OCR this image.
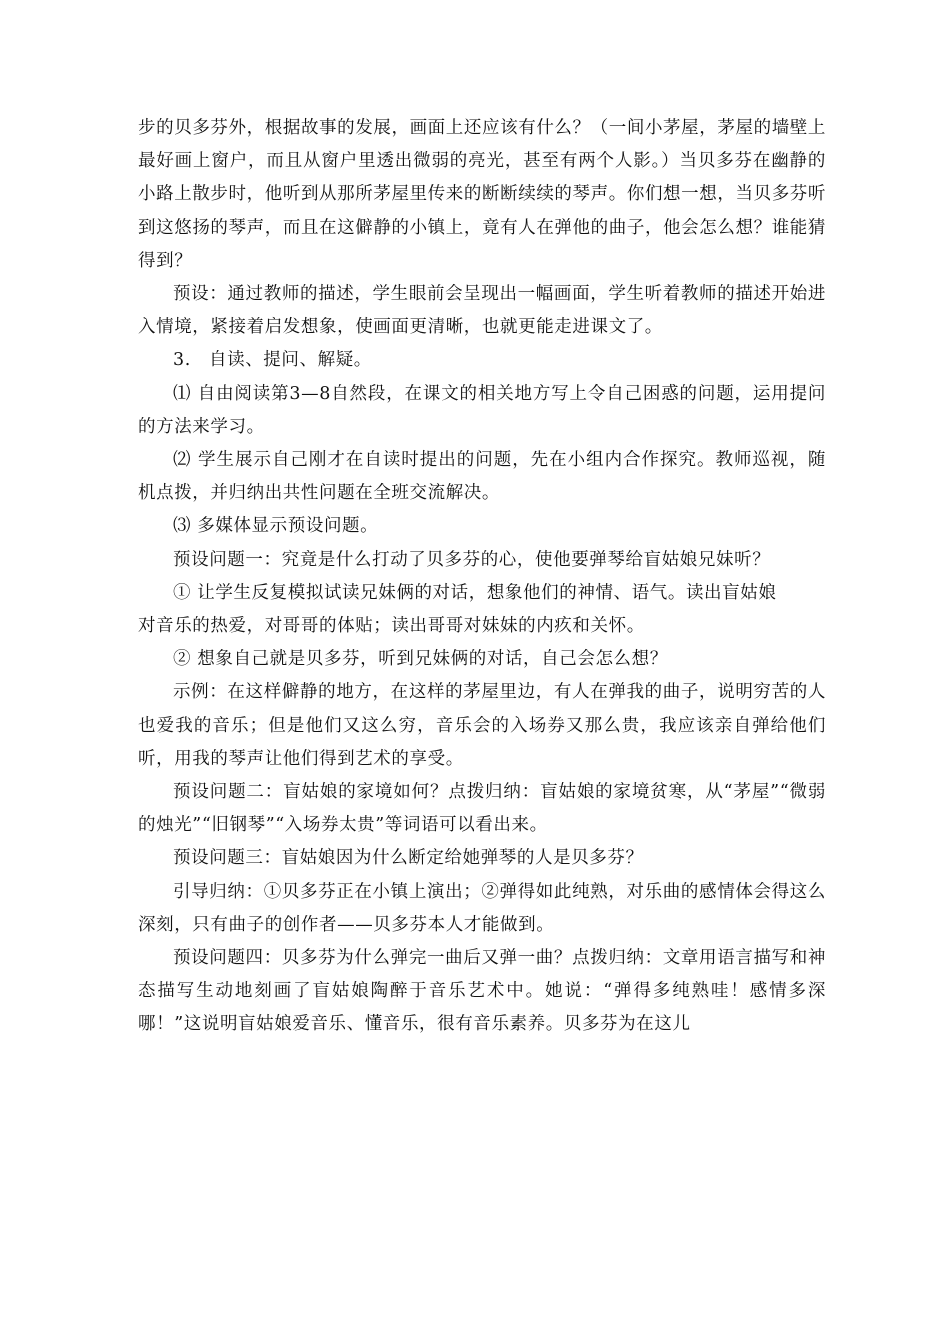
步的贝多芬外，根据故事的发展，画面上还应该有什么？（一间小茅屋，茅屋的墙壁上最好画上窗户，而且从窗户里透出微弱的亮光，甚至有两个人影。）当贝多芬在幽静的小路上散步时，他听到从那所茅屋里传来的断断续续的琴声。你们想一想，当贝多芬听到这悠扬的琴声，而且在这僻静的小镇上，竟有人在弹他的曲子，他会怎么想？谁能猜得到？

预设：通过教师的描述，学生眼前会呈现出一幅画面，学生听着教师的描述开始进入情境，紧接着启发想象，使画面更清晰，也就更能走进课文了。

3.　自读、提问、解疑。

⑴ 自由阅读第3—8自然段，在课文的相关地方写上令自己困惑的问题，运用提问的方法来学习。

⑵ 学生展示自己刚才在自读时提出的问题，先在小组内合作探究。教师巡视，随机点拨，并归纳出共性问题在全班交流解决。

⑶ 多媒体显示预设问题。

预设问题一：究竟是什么打动了贝多芬的心，使他要弹琴给盲姑娘兄妹听？

① 让学生反复模拟试读兄妹俩的对话，想象他们的神情、语气。读出盲姑娘

对音乐的热爱，对哥哥的体贴；读出哥哥对妹妹的内疚和关怀。

② 想象自己就是贝多芬，听到兄妹俩的对话，自己会怎么想？

示例：在这样僻静的地方，在这样的茅屋里边，有人在弹我的曲子，说明穷苦的人也爱我的音乐；但是他们又这么穷，音乐会的入场券又那么贵，我应该亲自弹给他们听，用我的琴声让他们得到艺术的享受。

预设问题二：盲姑娘的家境如何？点拨归纳：盲姑娘的家境贫寒，从“茅屋”“微弱的烛光”“旧钢琴”“入场券太贵”等词语可以看出来。

预设问题三：盲姑娘因为什么断定给她弹琴的人是贝多芬？

引导归纳：①贝多芬正在小镇上演出；②弹得如此纯熟，对乐曲的感情体会得这么深刻，只有曲子的创作者——贝多芬本人才能做到。

预设问题四：贝多芬为什么弹完一曲后又弹一曲？点拨归纳：文章用语言描写和神态描写生动地刻画了盲姑娘陶醉于音乐艺术中。她说：“弹得多纯熟哇！感情多深哪！”这说明盲姑娘爱音乐、懂音乐，很有音乐素养。贝多芬为在这儿
